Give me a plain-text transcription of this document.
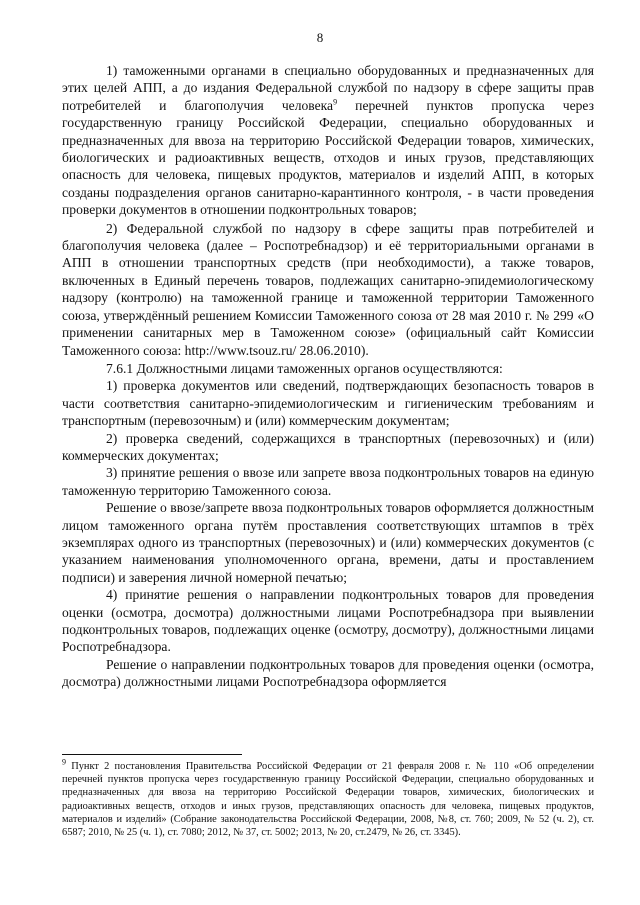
8

1) таможенными органами в специально оборудованных и предназначенных для этих целей АПП, а до издания Федеральной службой по надзору в сфере защиты прав потребителей и благополучия человека$^9$ перечней пунктов пропуска через государственную границу Российской Федерации, специально оборудованных и предназначенных для ввоза на территорию Российской Федерации товаров, химических, биологических и радиоактивных веществ, отходов и иных грузов, представляющих опасность для человека, пищевых продуктов, материалов и изделий АПП, в которых созданы подразделения органов санитарно-карантинного контроля, - в части проведения проверки документов в отношении подконтрольных товаров;

2) Федеральной службой по надзору в сфере защиты прав потребителей и благополучия человека (далее – Роспотребнадзор) и её территориальными органами в АПП в отношении транспортных средств (при необходимости), а также товаров, включенных в Единый перечень товаров, подлежащих санитарно-эпидемиологическому надзору (контролю) на таможенной границе и таможенной территории Таможенного союза, утверждённый решением Комиссии Таможенного союза от 28 мая 2010 г. № 299 «О применении санитарных мер в Таможенном союзе» (официальный сайт Комиссии Таможенного союза: http://www.tsouz.ru/ 28.06.2010).

7.6.1 Должностными лицами таможенных органов осуществляются:

1) проверка документов или сведений, подтверждающих безопасность товаров в части соответствия санитарно-эпидемиологическим и гигиеническим требованиям и транспортным (перевозочным) и (или) коммерческим документам;

2) проверка сведений, содержащихся в транспортных (перевозочных) и (или) коммерческих документах;

3) принятие решения о ввозе или запрете ввоза подконтрольных товаров на единую таможенную территорию Таможенного союза.

Решение о ввозе/запрете ввоза подконтрольных товаров оформляется должностным лицом таможенного органа путём проставления соответствующих штампов в трёх экземплярах одного из транспортных (перевозочных) и (или) коммерческих документов (с указанием наименования уполномоченного органа, времени, даты и проставлением подписи) и заверения личной номерной печатью;

4) принятие решения о направлении подконтрольных товаров для проведения оценки (осмотра, досмотра) должностными лицами Роспотребнадзора при выявлении подконтрольных товаров, подлежащих оценке (осмотру, досмотру), должностными лицами Роспотребнадзора.

Решение о направлении подконтрольных товаров для проведения оценки (осмотра, досмотра) должностными лицами Роспотребнадзора оформляется

$^9$ Пункт 2 постановления Правительства Российской Федерации от 21 февраля 2008 г. № 110 «Об определении перечней пунктов пропуска через государственную границу Российской Федерации, специально оборудованных и предназначенных для ввоза на территорию Российской Федерации товаров, химических, биологических и радиоактивных веществ, отходов и иных грузов, представляющих опасность для человека, пищевых продуктов, материалов и изделий» (Собрание законодательства Российской Федерации, 2008, №8, ст. 760; 2009, № 52 (ч. 2), ст. 6587; 2010, № 25 (ч. 1), ст. 7080; 2012, № 37, ст. 5002; 2013, № 20, ст.2479, № 26, ст. 3345).
